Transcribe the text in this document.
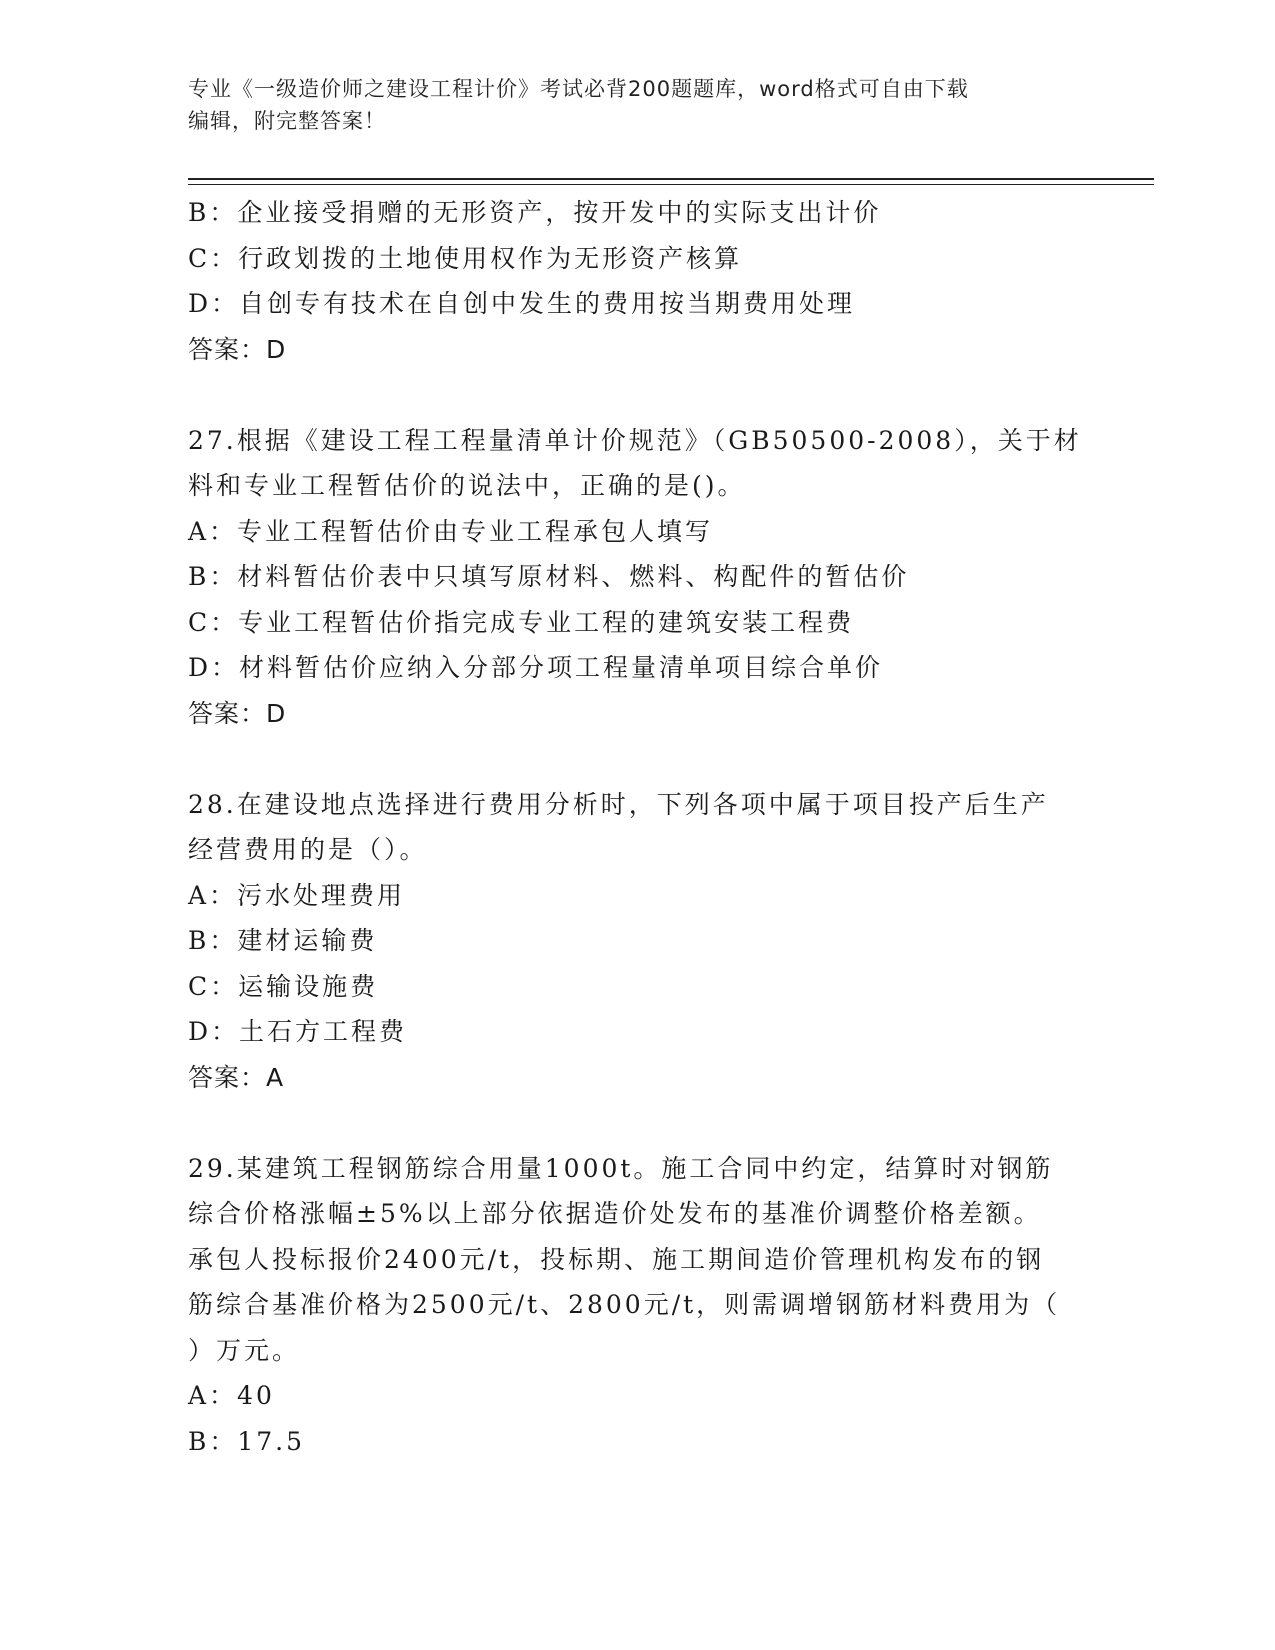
专业《一级造价师之建设工程计价》考试必背200题题库，word格式可自由下载
编辑，附完整答案！
B：企业接受捐赠的无形资产，按开发中的实际支出计价
C：行政划拨的土地使用权作为无形资产核算
D：自创专有技术在自创中发生的费用按当期费用处理
答案：D
27.根据《建设工程工程量清单计价规范》（GB50500-2008），关于材
料和专业工程暂估价的说法中，正确的是()。
A：专业工程暂估价由专业工程承包人填写
B：材料暂估价表中只填写原材料、燃料、构配件的暂估价
C：专业工程暂估价指完成专业工程的建筑安装工程费
D：材料暂估价应纳入分部分项工程量清单项目综合单价
答案：D
28.在建设地点选择进行费用分析时，下列各项中属于项目投产后生产
经营费用的是（）。
A：污水处理费用
B：建材运输费
C：运输设施费
D：土石方工程费
答案：A
29.某建筑工程钢筋综合用量1000t。施工合同中约定，结算时对钢筋
综合价格涨幅±5%以上部分依据造价处发布的基准价调整价格差额。
承包人投标报价2400元/t，投标期、施工期间造价管理机构发布的钢
筋综合基准价格为2500元/t、2800元/t，则需调增钢筋材料费用为（
）万元。
A：40
B：17.5
